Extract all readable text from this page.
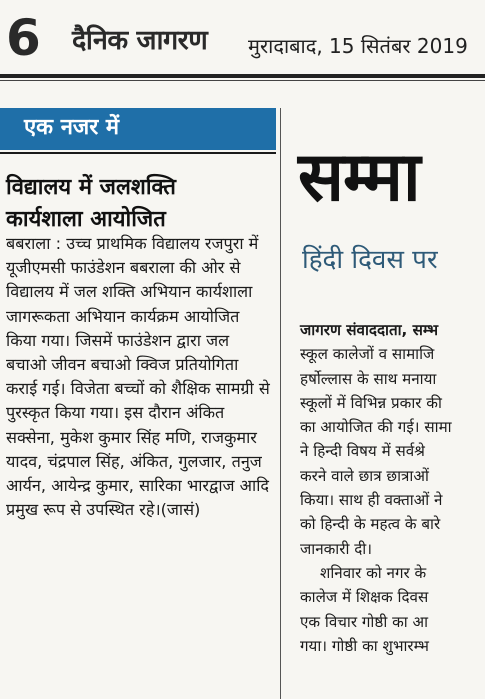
6 दैनिक जागरण मुरादाबाद, 15 सितंबर 2019
एक नजर में
विद्यालय में जलशक्ति
कार्यशाला आयोजित
बबराला : उच्च प्राथमिक विद्यालय रजपुरा में यूजीएमसी फाउंडेशन बबराला की ओर से विद्यालय में जल शक्ति अभियान कार्यशाला जागरूकता अभियान कार्यक्रम आयोजित किया गया। जिसमें फाउंडेशन द्वारा जल बचाओ जीवन बचाओ क्विज प्रतियोगिता कराई गई। विजेता बच्चों को शैक्षिक सामग्री से पुरस्कृत किया गया। इस दौरान अंकित सक्सेना, मुकेश कुमार सिंह मणि, राजकुमार यादव, चंद्रपाल सिंह, अंकित, गुलजार, तनुज आर्यन, आयेन्द्र कुमार, सारिका भारद्वाज आदि प्रमुख रूप से उपस्थित रहे।(जासं)
सम्मा
हिंदी दिवस पर

जागरण संवाददाता, सम्भ

स्कूल कालेजों व सामाजि

हर्षोल्लास के साथ मनाया

स्कूलों में विभिन्न प्रकार की

का आयोजित की गई। सामा

ने हिन्दी विषय में सर्वश्रे

करने वाले छात्र छात्राओं

किया। साथ ही वक्ताओं ने

को हिन्दी के महत्व के बारे

जानकारी दी।

शनिवार को नगर के

कालेज में शिक्षक दिवस

एक विचार गोष्ठी का आ

गया। गोष्ठी का शुभारम्भ
